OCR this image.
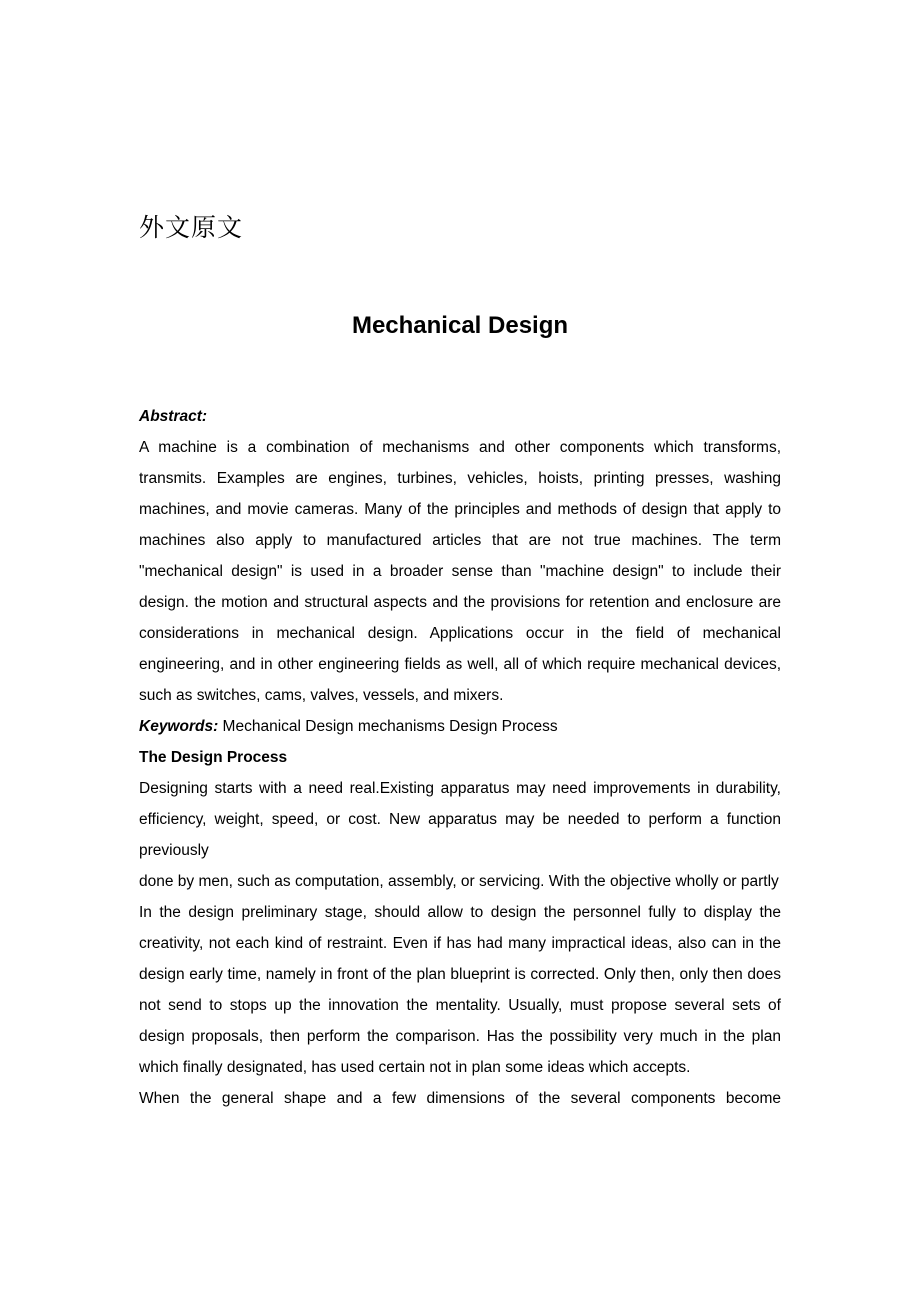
外文原文
Mechanical Design

Abstract:

A machine is a combination of mechanisms and other components which transforms, transmits. Examples are engines, turbines, vehicles, hoists, printing presses, washing machines, and movie cameras. Many of the principles and methods of design that apply to machines also apply to manufactured articles that are not true machines. The term "mechanical design" is used in a broader sense than "machine design" to include their design. the motion and structural aspects and the provisions for retention and enclosure are considerations in mechanical design. Applications occur in the field of mechanical engineering, and in other engineering fields as well, all of which require mechanical devices, such as switches, cams, valves, vessels, and mixers.

Keywords: Mechanical Design mechanisms Design Process

The Design Process

Designing starts with a need real.Existing apparatus may need improvements in durability, efficiency, weight, speed, or cost. New apparatus may be needed to perform a function previously

done by men, such as computation, assembly, or servicing. With the objective wholly or partly

In the design preliminary stage, should allow to design the personnel fully to display the creativity, not each kind of restraint. Even if has had many impractical ideas, also can in the design early time, namely in front of the plan blueprint is corrected. Only then, only then does not send to stops up the innovation the mentality. Usually, must propose several sets of design proposals, then perform the comparison. Has the possibility very much in the plan which finally designated, has used certain not in plan some ideas which accepts.

When the general shape and a few dimensions of the several components become
